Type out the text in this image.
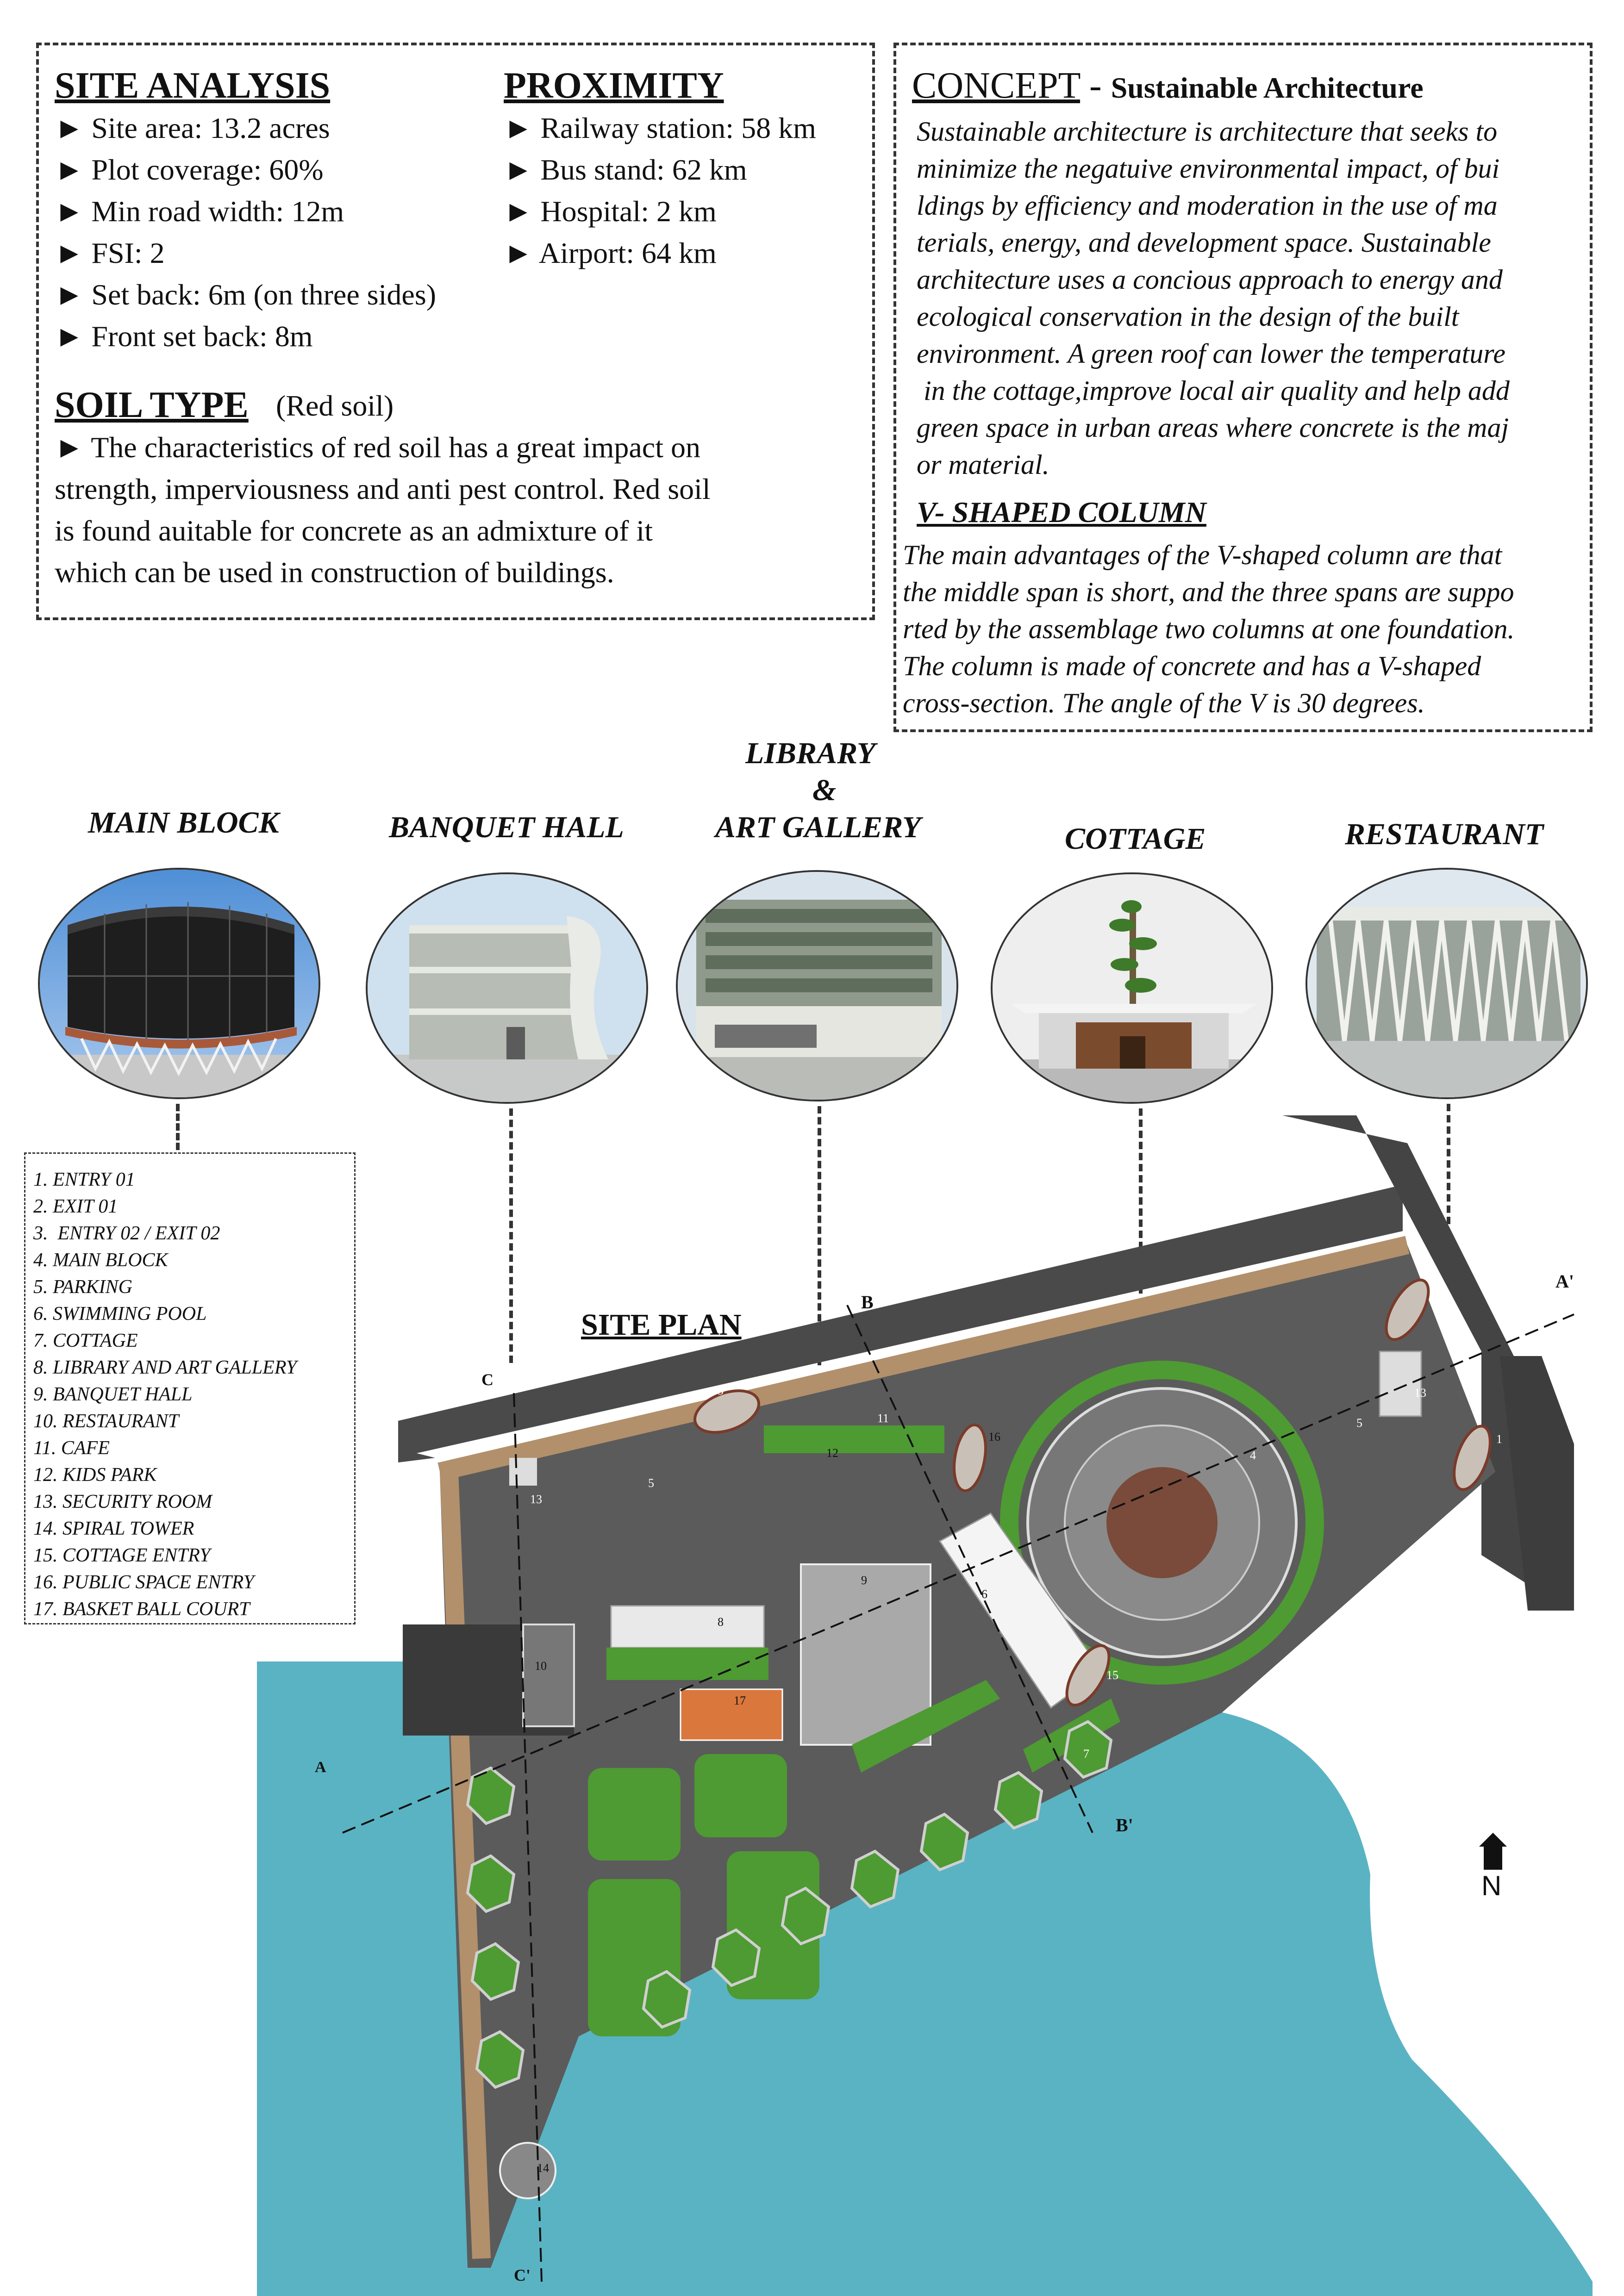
SITE ANALYSIS
► Site area: 13.2 acres
► Plot coverage: 60%
► Min road width: 12m
► FSI: 2
► Set back: 6m (on three sides)
► Front set back: 8m
PROXIMITY
► Railway station: 58 km
► Bus stand: 62 km
► Hospital: 2 km
► Airport: 64 km
SOIL TYPE (Red soil)
► The characteristics of red soil has a great impact on
strength, imperviousness and anti pest control. Red soil
is found auitable for concrete as an admixture of it
which can be used in construction of buildings.
CONCEPT - Sustainable Architecture
Sustainable architecture is architecture that seeks to
minimize the negatuive environmental impact, of bui
ldings by efficiency and moderation in the use of ma
terials, energy, and development space. Sustainable
architecture uses a concious approach to energy and
ecological conservation in the design of the built
environment. A green roof can lower the temperature
in the cottage,improve local air quality and help add
green space in urban areas where concrete is the maj
or material.
V- SHAPED COLUMN
The main advantages of the V-shaped column are that
the middle span is short, and the three spans are suppo
rted by the assemblage two columns at one foundation.
The column is made of concrete and has a V-shaped
cross-section. The angle of the V is 30 degrees.
MAIN BLOCK	BANQUET HALL
LIBRARY
&
ART GALLERY	COTTAGE	RESTAURANT
1. ENTRY 01
2. EXIT 01
3.  ENTRY 02 / EXIT 02
4. MAIN BLOCK
5. PARKING
6. SWIMMING POOL
7. COTTAGE
8. LIBRARY AND ART GALLERY
9. BANQUET HALL
10. RESTAURANT
11. CAFE
12. KIDS PARK
13. SECURITY ROOM
14. SPIRAL TOWER
15. COTTAGE ENTRY
16. PUBLIC SPACE ENTRY
17. BASKET BALL COURT
SITE PLAN
1
2
3
4
5
5
6
7
8
9
10
11
12
13
13
14
15
16
17
A
A'
B
B'
C
C'
N
